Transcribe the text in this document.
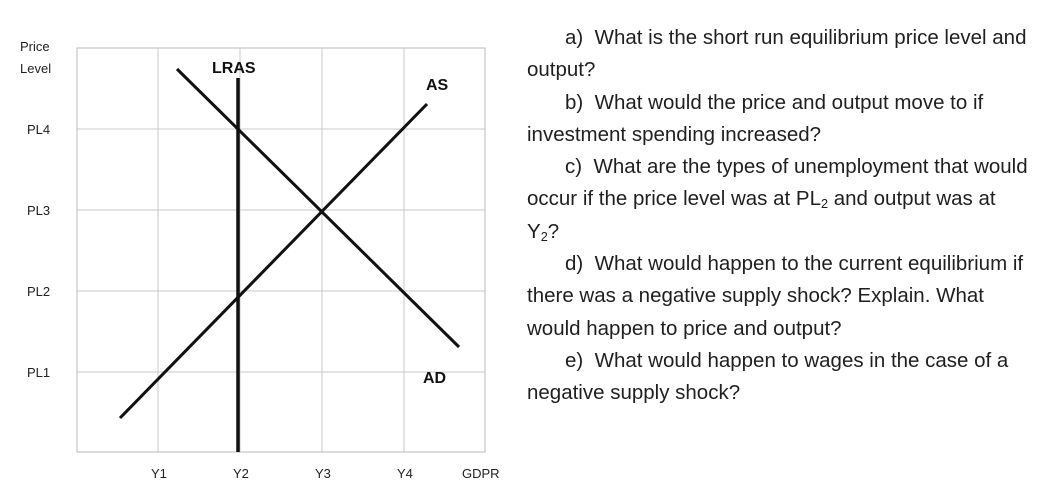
Price
Level
PL4
PL3
PL2
PL1
Y1	Y2	Y3	Y4	GDPR
LRAS
AS
AD

a) What is the short run equilibrium price level and output?

b) What would the price and output move to if investment spending increased?

c) What are the types of unemployment that would occur if the price level was at $PL_2$ and output was at $Y_2$?

d) What would happen to the current equilibrium if there was a negative supply shock? Explain. What would happen to price and output?

e) What would happen to wages in the case of a negative supply shock?
